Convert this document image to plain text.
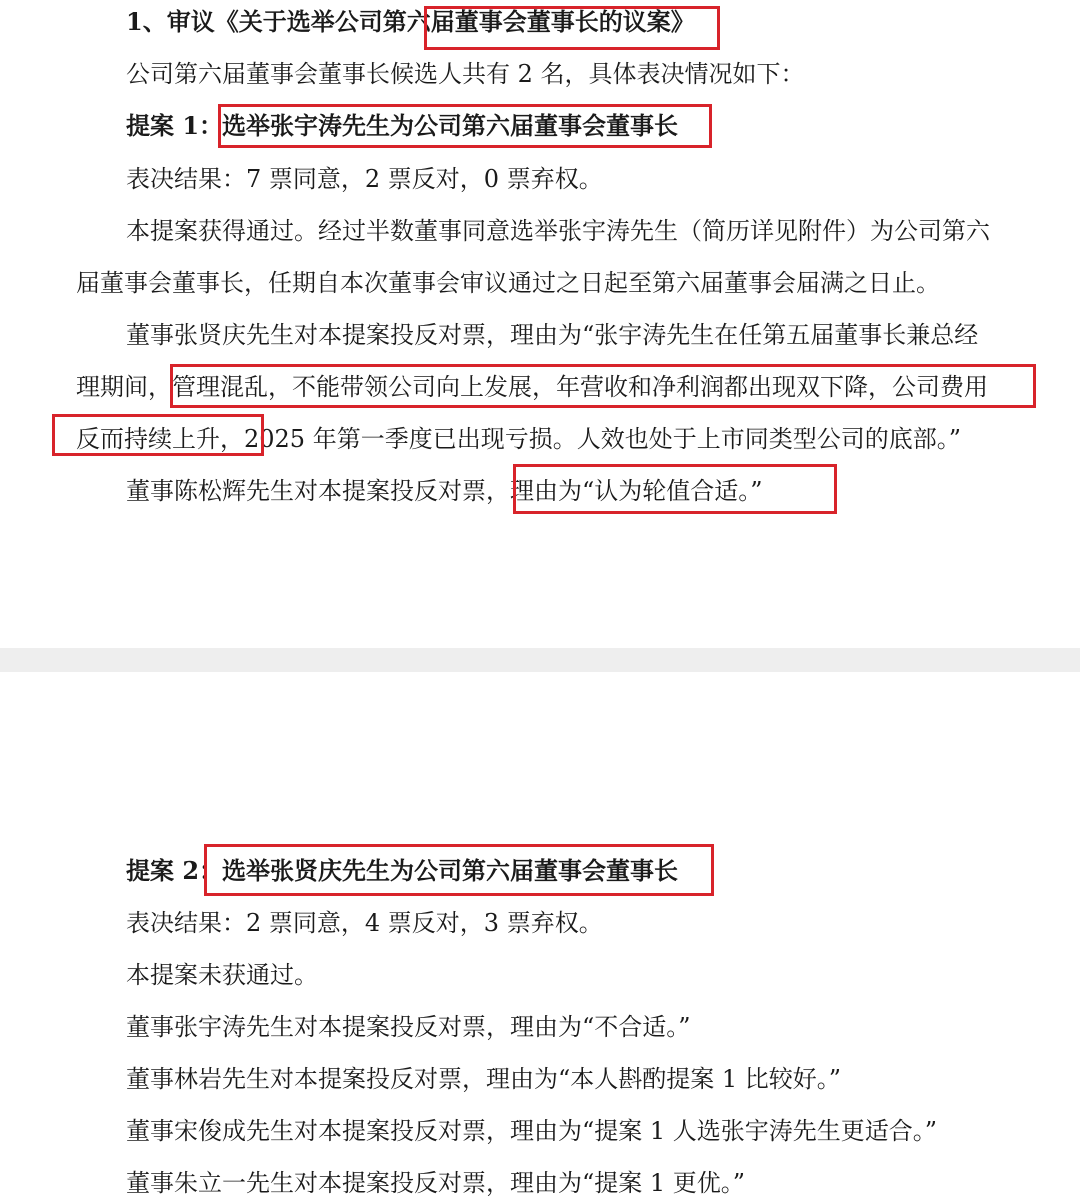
1、审议《关于选举公司第六届董事会董事长的议案》
公司第六届董事会董事长候选人共有 2 名，具体表决情况如下：
提案 1：
选举张宇涛先生为公司第六届董事会董事长
表决结果：7 票同意，2 票反对，0 票弃权。
本提案获得通过。经过半数董事同意选举张宇涛先生（简历详见附件）为公司第六
届董事会董事长，任期自本次董事会审议通过之日起至第六届董事会届满之日止。
董事张贤庆先生对本提案投反对票，理由为“张宇涛先生在任第五届董事长兼总经
理期间，管理混乱，不能带领公司向上发展，年营收和净利润都出现双下降，公司费用
反而持续上升，2025 年第一季度已出现亏损。人效也处于上市同类型公司的底部。”
董事陈松辉先生对本提案投反对票，理由为“认为轮值合适。”
提案 2：
选举张贤庆先生为公司第六届董事会董事长
表决结果：2 票同意，4 票反对，3 票弃权。
本提案未获通过。
董事张宇涛先生对本提案投反对票，理由为“不合适。”
董事林岩先生对本提案投反对票，理由为“本人斟酌提案 1 比较好。”
董事宋俊成先生对本提案投反对票，理由为“提案 1 人选张宇涛先生更适合。”
董事朱立一先生对本提案投反对票，理由为“提案 1 更优。”
